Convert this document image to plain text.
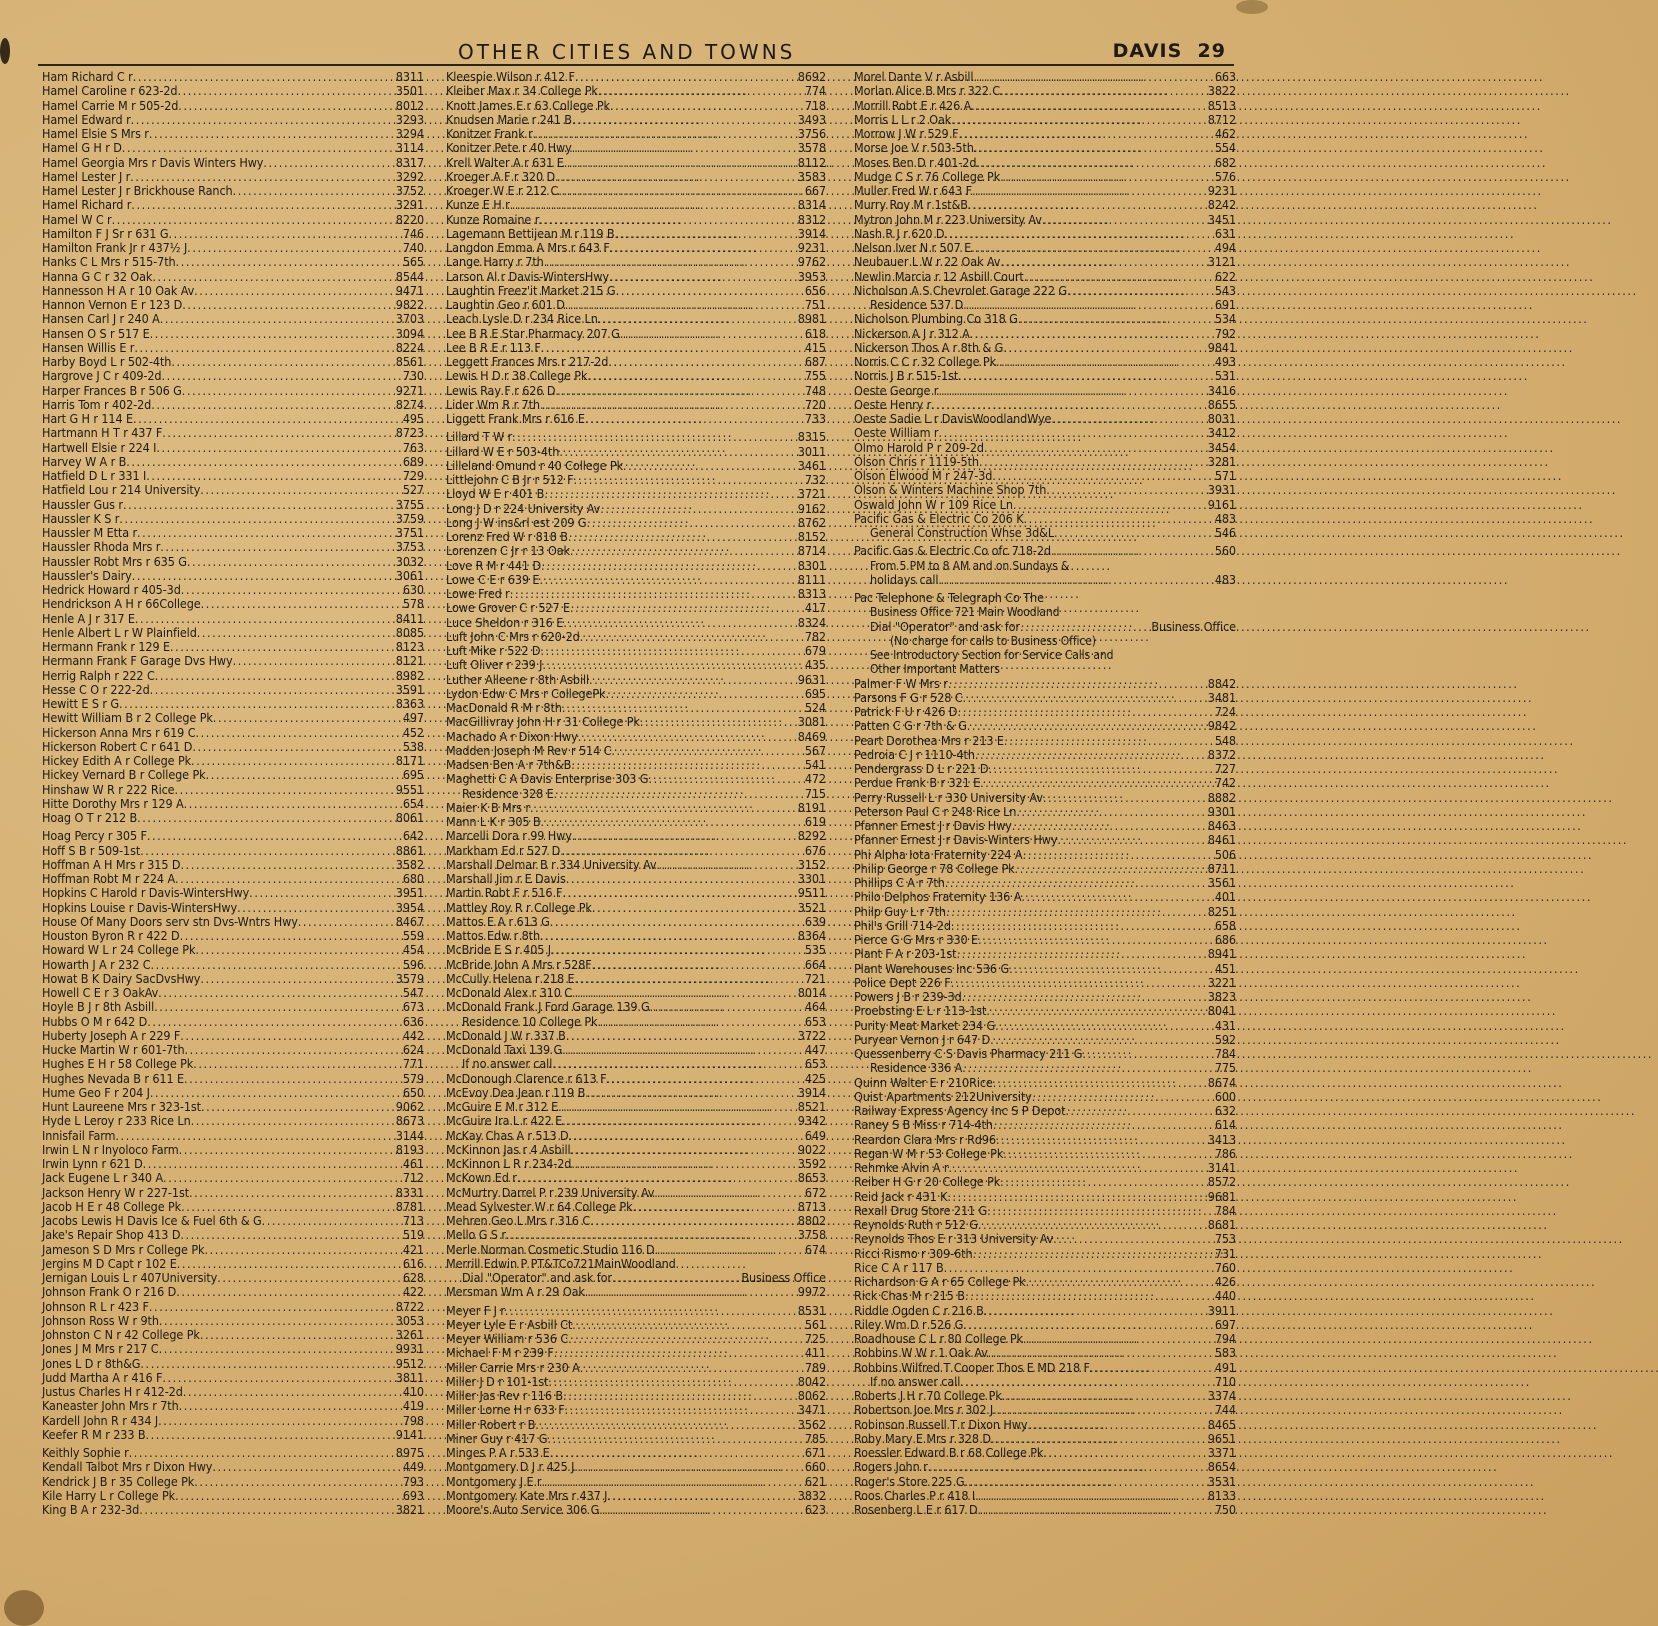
OTHER CITIES AND TOWNS	DAVIS 29
Ham Richard C r . . .	8311
Hamel Caroline r 623-2d . . .	3501
Hamel Carrie M r 505-2d . . .	8012
Hamel Edward r . . .	3293
Hamel Elsie S Mrs r . . .	3294
Hamel G H r D . . .	3114
Hamel Georgia Mrs r Davis Winters Hwy . . .	8317
Hamel Lester J r . . .	3292
Hamel Lester J r Brickhouse Ranch . . .	3752
Hamel Richard r . . .	3291
Hamel W C r . . .	8220
Hamilton F J Sr r 631 G . . .	746
Hamilton Frank Jr r 437½ J . . .	740
Hanks C L Mrs r 515-7th . . .	565
Hanna G C r 32 Oak . . .	8544
Hannesson H A r 10 Oak Av . . .	9471
Hannon Vernon E r 123 D . . .	9822
Hansen Carl J r 240 A . . .	3703
Hansen O S r 517 E . . .	3094
Hansen Willis E r . . .	8224
Harby Boyd L r 502-4th . . .	8561
Hargrove J C r 409-2d . . .	730
Harper Frances B r 506 G . . .	9271
Harris Tom r 402-2d . . .	8274
Hart G H r 114 E . . .	495
Hartmann H T r 437 F . . .	8723
Hartwell Elsie r 224 I . . .	763
Harvey W A r B . . .	689
Hatfield D L r 331 I . . .	729
Hatfield Lou r 214 University . . .	527
Haussler Gus r . . .	3755
Haussler K S r . . .	3759
Haussler M Etta r . . .	3751
Haussler Rhoda Mrs r . . .	3753
Haussler Robt Mrs r 635 G . . .	3032
Haussler's Dairy . . .	3061
Hedrick Howard r 405-3d . . .	630
Hendrickson A H r 66College . . .	578
Henle A J r 317 E . . .	8411
Henle Albert L r W Plainfield . . .	8085
Hermann Frank r 129 E . . .	8123
Hermann Frank F Garage Dvs Hwy . . .	8121
Herrig Ralph r 222 C . . .	8982
Hesse C O r 222-2d . . .	3591
Hewitt E S r G . . .	8363
Hewitt William B r 2 College Pk . . .	497
Hickerson Anna Mrs r 619 C . . .	452
Hickerson Robert C r 641 D . . .	538
Hickey Edith A r College Pk . . .	8171
Hickey Vernard B r College Pk . . .	695
Hinshaw W R r 222 Rice . . .	9551
Hitte Dorothy Mrs r 129 A . . .	654
Hoag O T r 212 B . . .	8061
Hoag Percy r 305 F . . .	642
Hoff S B r 509-1st . . .	8861
Hoffman A H Mrs r 315 D . . .	3582
Hoffman Robt M r 224 A . . .	680
Hopkins C Harold r Davis-WintersHwy . . .	3951
Hopkins Louise r Davis-WintersHwy . . .	3954
House Of Many Doors serv stn Dvs-Wntrs Hwy . . .	8467
Houston Byron R r 422 D . . .	559
Howard W L r 24 College Pk . . .	454
Howarth J A r 232 C . . .	596
Howat B K Dairy SacDvsHwy . . .	3579
Howell C E r 3 OakAv . . .	547
Hoyle B J r 8th Asbill . . .	673
Hubbs O M r 642 D . . .	636
Huberty Joseph A r 229 F . . .	442
Hucke Martin W r 601-7th . . .	624
Hughes E H r 58 College Pk . . .	771
Hughes Nevada B r 611 E . . .	579
Hume Geo F r 204 J . . .	650
Hunt Laureene Mrs r 323-1st . . .	9062
Hyde L Leroy r 233 Rice Ln . . .	8673
Innisfail Farm . . .	3144
Irwin L N r Inyoloco Farm . . .	8193
Irwin Lynn r 621 D . . .	461
Jack Eugene L r 340 A . . .	712
Jackson Henry W r 227-1st . . .	8331
Jacob H E r 48 College Pk . . .	8781
Jacobs Lewis H Davis Ice & Fuel 6th & G . . .	713
Jake's Repair Shop 413 D . . .	519
Jameson S D Mrs r College Pk . . .	421
Jergins M D Capt r 102 E . . .	616
Jernigan Louis L r 407University . . .	628
Johnson Frank O r 216 D . . .	422
Johnson R L r 423 F . . .	8722
Johnson Ross W r 9th . . .	3053
Johnston C N r 42 College Pk . . .	3261
Jones J M Mrs r 217 C . . .	9931
Jones L D r 8th&G . . .	9512
Judd Martha A r 416 F . . .	3811
Justus Charles H r 412-2d . . .	410
Kaneaster John Mrs r 7th . . .	419
Kardell John R r 434 J . . .	798
Keefer R M r 233 B . . .	9141
Keithly Sophie r . . .	8975
Kendall Talbot Mrs r Dixon Hwy . . .	449
Kendrick J B r 35 College Pk . . .	793
Kile Harry L r College Pk . . .	693
King B A r 232-3d . . .	3821
Kleespie Wilson r 412 F . . .	8692
Kleiber Max r 34 College Pk . . .	774
Knott James E r 63 College Pk . . .	718
Knudsen Marie r 241 B . . .	3493
Konitzer Frank r . . .	3756
Konitzer Pete r 40 Hwy . . .	3578
Krell Walter A r 631 E . . .	8112
Kroeger A F r 320 D . . .	3583
Kroeger W E r 212 C . . .	667
Kunze E H r . . .	8314
Kunze Romaine r . . .	8312
Lagemann Bettijean M r 119 B . . .	3914
Langdon Emma A Mrs r 643 F . . .	9231
Lange Harry r 7th . . .	9762
Larson Al r Davis-WintersHwy . . .	3953
Laughtin Freez'it Market 215 G . . .	656
Laughtin Geo r 601 D . . .	751
Leach Lysle D r 234 Rice Ln . . .	8981
Lee B R E Star Pharmacy 207 G . . .	618
Lee B R E r 113 F . . .	415
Leggett Frances Mrs r 217-2d . . .	687
Lewis H D r 38 College Pk . . .	755
Lewis Ray F r 626 D . . .	748
Lider Wm R r 7th . . .	720
Liggett Frank Mrs r 616 E . . .	733
Lillard T W r . . .	8315
Lillard W E r 503-4th . . .	3011
Lilleland Omund r 40 College Pk . . .	3461
Littlejohn C B Jr r 512 F . . .	732
Lloyd W E r 401 B . . .	3721
Long J D r 224 University Av . . .	9162
Long J W ins&rl est 209 G . . .	8762
Lorenz Fred W r 818 B . . .	8152
Lorenzen C Jr r 13 Oak . . .	8714
Love R M r 441 D . . .	8301
Lowe C E r 639 E . . .	8111
Lowe Fred r . . .	8313
Lowe Grover C r 527 E . . .	417
Luce Sheldon r 316 E . . .	8324
Luft John C Mrs r 620-2d . . .	782
Luft Mike r 522 D . . .	679
Luft Oliver r 239 J . . .	435
Luther Alleene r 8th Asbill . . .	9631
Lydon Edw C Mrs r CollegePk . . .	695
MacDonald R M r 8th . . .	524
MacGillivray John H r 31 College Pk . . .	3081
Machado A r Dixon Hwy . . .	8469
Madden Joseph M Rev r 514 C . . .	567
Madsen Ben A r 7th&B . . .	541
Maghetti C A Davis Enterprise 303 G . . .	472
Residence 328 E . . .	715
Maier K B Mrs r . . .	8191
Mann L K r 305 B . . .	619
Marcelli Dora r 99 Hwy . . .	8292
Markham Ed r 527 D . . .	676
Marshall Delmar B r 334 University Av . . .	3152
Marshall Jim r E Davis . . .	3301
Martin Robt F r 516 F . . .	9511
Mattley Roy R r College Pk . . .	3521
Mattos E A r 613 G . . .	639
Mattos Edw r 8th . . .	8364
McBride E S r 405 J . . .	535
McBride John A Mrs r 528F . . .	664
McCully Helena r 218 E . . .	721
McDonald Alex r 310 C . . .	8014
McDonald Frank J Ford Garage 139 G . . .	464
Residence 10 College Pk . . .	653
McDonald J W r 337 B . . .	3722
McDonald Taxi 139 G . . .	447
If no answer call . . .	653
McDonough Clarence r 613 F . . .	425
McEvoy Dea Jean r 119 B . . .	3914
McGuire E M r 312 E . . .	8521
McGuire Ira L r 422 E . . .	9342
McKay Chas A r 513 D . . .	649
McKinnon Jas r 4 Asbill . . .	9022
McKinnon L R r 234-2d . . .	3592
McKown Ed r . . .	8653
McMurtry Darrel P r 239 University Av . . .	672
Mead Sylvester W r 64 College Pk . . .	8713
Mehren Geo L Mrs r 316 C . . .	8802
Mello G S r . . .	3758
Merle Norman Cosmetic Studio 116 D . . .	674
Merrill Edwin P PT&TCo721MainWoodland
Dial "Operator" and ask for . . .	Business Office
Mersman Wm A r 29 Oak . . .	9972
Meyer F J r . . .	8531
Meyer Lyle E r Asbill Ct . . .	561
Meyer William r 536 C . . .	725
Michael F M r 239 F . . .	411
Miller Carrie Mrs r 230 A . . .	789
Miller J D r 101-1st . . .	8042
Miller Jas Rev r 116 B . . .	8062
Miller Lorne H r 633 F . . .	3471
Miller Robert r B . . .	3562
Miner Guy r 417 G . . .	785
Minges P A r 533 E . . .	671
Montgomery D J r 425 J . . .	660
Montgomery J E r . . .	621
Montgomery Kate Mrs r 437 J . . .	3832
Moore's Auto Service 306 G . . .	623
Morel Dante V r Asbill . . .	663
Morlan Alice B Mrs r 322 C . . .	3822
Morrill Robt E r 426 A . . .	8513
Morris L L r 2 Oak . . .	8712
Morrow J W r 529 F . . .	462
Morse Joe V r 503-5th . . .	554
Moses Ben D r 401-2d . . .	682
Mudge C S r 76 College Pk . . .	576
Muller Fred W r 643 F . . .	9231
Murry Roy M r 1st&B . . .	8242
Mytron John M r 223 University Av . . .	3451
Nash R J r 620 D . . .	631
Nelson Iver N r 507 E . . .	494
Neubauer L W r 22 Oak Av . . .	3121
Newlin Marcia r 12 Asbill Court . . .	622
Nicholson A S Chevrolet Garage 222 G . . .	543
Residence 537 D . . .	691
Nicholson Plumbing Co 318 G . . .	534
Nickerson A J r 312 A . . .	792
Nickerson Thos A r 8th & G . . .	9841
Norris C C r 32 College Pk . . .	493
Norris J B r 515-1st . . .	531
Oeste George r . . .	3416
Oeste Henry r . . .	8655
Oeste Sadie L r DavisWoodlandWye . . .	8031
Oeste William r . . .	3412
Olmo Harold P r 209-2d . . .	3454
Olson Chris r 1119-5th . . .	3281
Olson Elwood M r 247-3d . . .	571
Olson & Winters Machine Shop 7th . . .	3931
Oswald John W r 109 Rice Ln . . .	9161
Pacific Gas & Electric Co 206 K . . .	483
General Construction Whse 3d&L . . .	546
Pacific Gas & Electric Co ofc 718-2d . . .	560
From 5 PM to 8 AM and on Sundays &
holidays call . . .	483
Pac Telephone & Telegraph Co The
Business Office 721 Main Woodland
Dial "Operator" and ask for . . .	Business Office
(No charge for calls to Business Office)
See Introductory Section for Service Calls and
Other Important Matters
Palmer F W Mrs r . . .	8842
Parsons F G r 528 C . . .	3481
Patrick F U r 426 D . . .	724
Patten C G r 7th & G . . .	9842
Peart Dorothea Mrs r 213 E . . .	548
Pedroia C J r 1110-4th . . .	8372
Pendergrass D L r 221 D . . .	727
Perdue Frank B r 321 E . . .	742
Perry Russell L r 330 University Av . . .	8882
Peterson Paul C r 248 Rice Ln . . .	9301
Pfanner Ernest J r Davis Hwy . . .	8463
Pfanner Ernest J r Davis-Winters Hwy . . .	8461
Phi Alpha Iota Fraternity 224 A . . .	506
Philip George r 78 College Pk . . .	8711
Phillips C A r 7th . . .	3561
Philo Delphos Fraternity 136 A . . .	401
Philp Guy L r 7th . . .	8251
Phil's Grill 714-2d . . .	658
Pierce G G Mrs r 330 E . . .	686
Plant F A r 203-1st . . .	8941
Plant Warehouses Inc 536 G . . .	451
Police Dept 226 F . . .	3221
Powers J B r 239-3d . . .	3823
Proebsting E L r 113-1st . . .	8041
Purity Meat Market 234 G . . .	431
Puryear Vernon J r 647 D . . .	592
Quessenberry C S Davis Pharmacy 211 G . . .	784
Residence 336 A . . .	775
Quinn Walter E r 210Rice . . .	8674
Quist Apartments 212University . . .	600
Railway Express Agency Inc S P Depot . . .	632
Raney S B Miss r 714-4th . . .	614
Reardon Clara Mrs r Rd96 . . .	3413
Regan W M r 53 College Pk . . .	786
Rehmke Alvin A r . . .	3141
Reiber H G r 20 College Pk . . .	8572
Reid Jack r 431 K . . .	9681
Rexall Drug Store 211 G . . .	784
Reynolds Ruth r 512 G . . .	8681
Reynolds Thos E r 313 University Av . . .	753
Ricci Rismo r 309-6th . . .	731
Rice C A r 117 B . . .	760
Richardson G A r 65 College Pk . . .	426
Rick Chas M r 215 B . . .	440
Riddle Ogden C r 216 B . . .	3911
Riley Wm D r 526 G . . .	697
Roadhouse C L r 80 College Pk . . .	794
Robbins W W r 1 Oak Av . . .	583
Robbins Wilfred T Cooper Thos E MD 218 F . . .	491
If no answer call . . .	710
Roberts J H r 70 College Pk . . .	3374
Robertson Joe Mrs r 302 J . . .	744
Robinson Russell T r Dixon Hwy . . .	8465
Roby Mary E Mrs r 328 D . . .	9651
Roessler Edward B r 68 College Pk . . .	3371
Rogers John r . . .	8654
Roger's Store 225 G . . .	3531
Roos Charles P r 418 I . . .	8133
Rosenberg L E r 617 D . . .	750
